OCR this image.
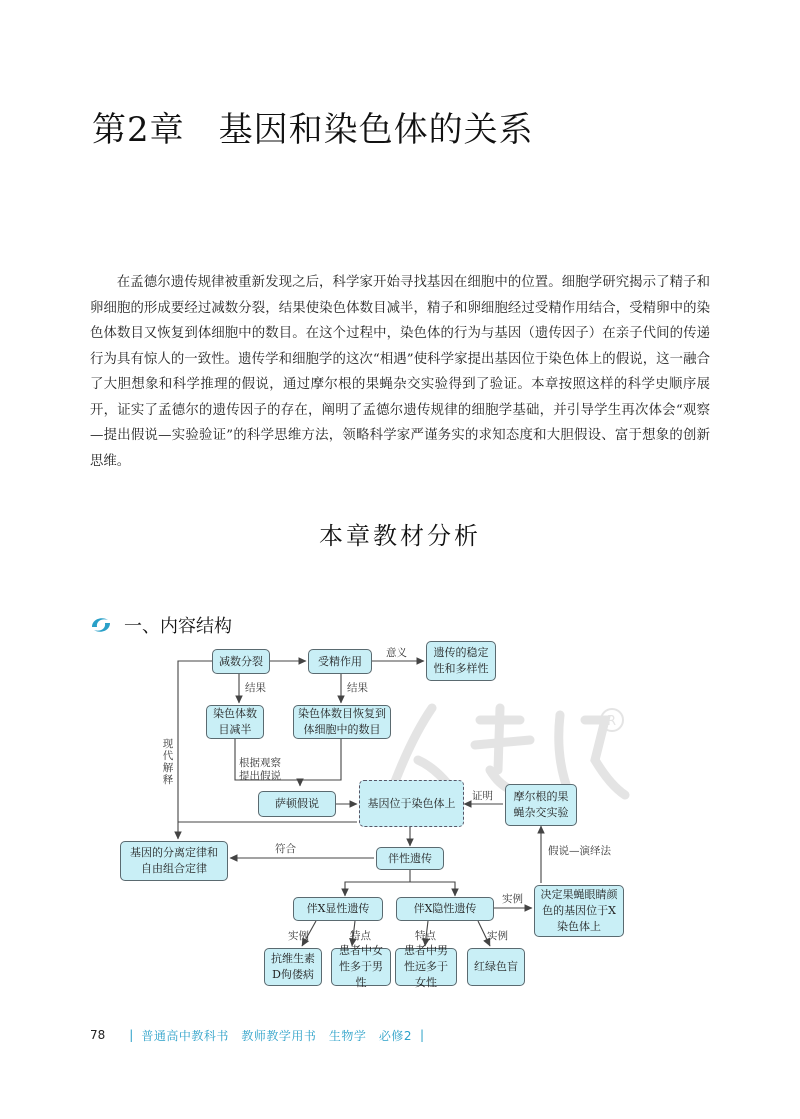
第2章 基因和染色体的关系
在孟德尔遗传规律被重新发现之后，科学家开始寻找基因在细胞中的位置。细胞学研究揭示了精子和卵细胞的形成要经过减数分裂，结果使染色体数目减半，精子和卵细胞经过受精作用结合，受精卵中的染色体数目又恢复到体细胞中的数目。在这个过程中，染色体的行为与基因（遗传因子）在亲子代间的传递行为具有惊人的一致性。遗传学和细胞学的这次“相遇”使科学家提出基因位于染色体上的假说，这一融合了大胆想象和科学推理的假说，通过摩尔根的果蝇杂交实验得到了验证。本章按照这样的科学史顺序展开，证实了孟德尔的遗传因子的存在，阐明了孟德尔遗传规律的细胞学基础，并引导学生再次体会“观察—提出假说—实验验证”的科学思维方法，领略科学家严谨务实的求知态度和大胆假设、富于想象的创新思维。
本章教材分析
一、内容结构
R
减数分裂	受精作用
遗传的稳定性和多样性
染色体数目减半
染色体数目恢复到体细胞中的数目
萨顿假说	基因位于染色体上	摩尔根的果蝇杂交实验
基因的分离定律和自由组合定律
伴性遗传
伴X显性遗传	伴X隐性遗传
决定果蝇眼睛颜色的基因位于X染色体上
抗维生素D佝偻病
患者中女性多于男性
患者中男性远多于女性
红绿色盲
意义
结果	结果
根据观察提出假说
证明
现代解释
符合	假说—演绎法
实例	特点	特点	实例
实例
78 | 普通高中教科书　教师教学用书　生物学　必修2 |
